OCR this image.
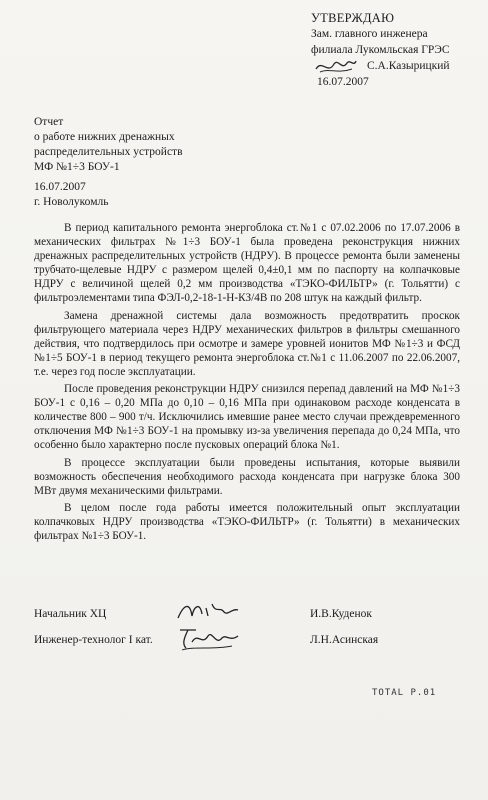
УТВЕРЖДАЮ
Зам. главного инженера
филиала Лукомльская ГРЭС
С.А.Казырицкий
16.07.2007
Отчет
о работе нижних дренажных
распределительных устройств
МФ №1÷3 БОУ-1
16.07.2007
г. Новолукомль

В период капитального ремонта энергоблока ст.№1 с 07.02.2006 по 17.07.2006 в механических фильтрах №1÷3 БОУ-1 была проведена реконструкция нижних дренажных распределительных устройств (НДРУ). В процессе ремонта были заменены трубчато-щелевые НДРУ с размером щелей 0,4±0,1 мм по паспорту на колпачковые НДРУ с величиной щелей 0,2 мм производства «ТЭКО-ФИЛЬТР» (г. Тольятти) с фильтроэлементами типа ФЭЛ-0,2-18-1-Н-КЗ/4В по 208 штук на каждый фильтр.

Замена дренажной системы дала возможность предотвратить проскок фильтрующего материала через НДРУ механических фильтров в фильтры смешанного действия, что подтвердилось при осмотре и замере уровней ионитов МФ №1÷3 и ФСД №1÷5 БОУ-1 в период текущего ремонта энергоблока ст.№1 с 11.06.2007 по 22.06.2007, т.е. через год после эксплуатации.

После проведения реконструкции НДРУ снизился перепад давлений на МФ №1÷3 БОУ-1 с 0,16 – 0,20 МПа до 0,10 – 0,16 МПа при одинаковом расходе конденсата в количестве 800 – 900 т/ч. Исключились имевшие ранее место случаи преждевременного отключения МФ №1÷3 БОУ-1 на промывку из-за увеличения перепада до 0,24 МПа, что особенно было характерно после пусковых операций блока №1.

В процессе эксплуатации были проведены испытания, которые выявили возможность обеспечения необходимого расхода конденсата при нагрузке блока 300 МВт двумя механическими фильтрами.

В целом после года работы имеется положительный опыт эксплуатации колпачковых НДРУ производства «ТЭКО-ФИЛЬТР» (г. Тольятти) в механических фильтрах №1÷3 БОУ-1.

Начальник ХЦ	И.В.Куденок
Инженер-технолог I кат.	Л.Н.Асинская
TOTAL P.01
